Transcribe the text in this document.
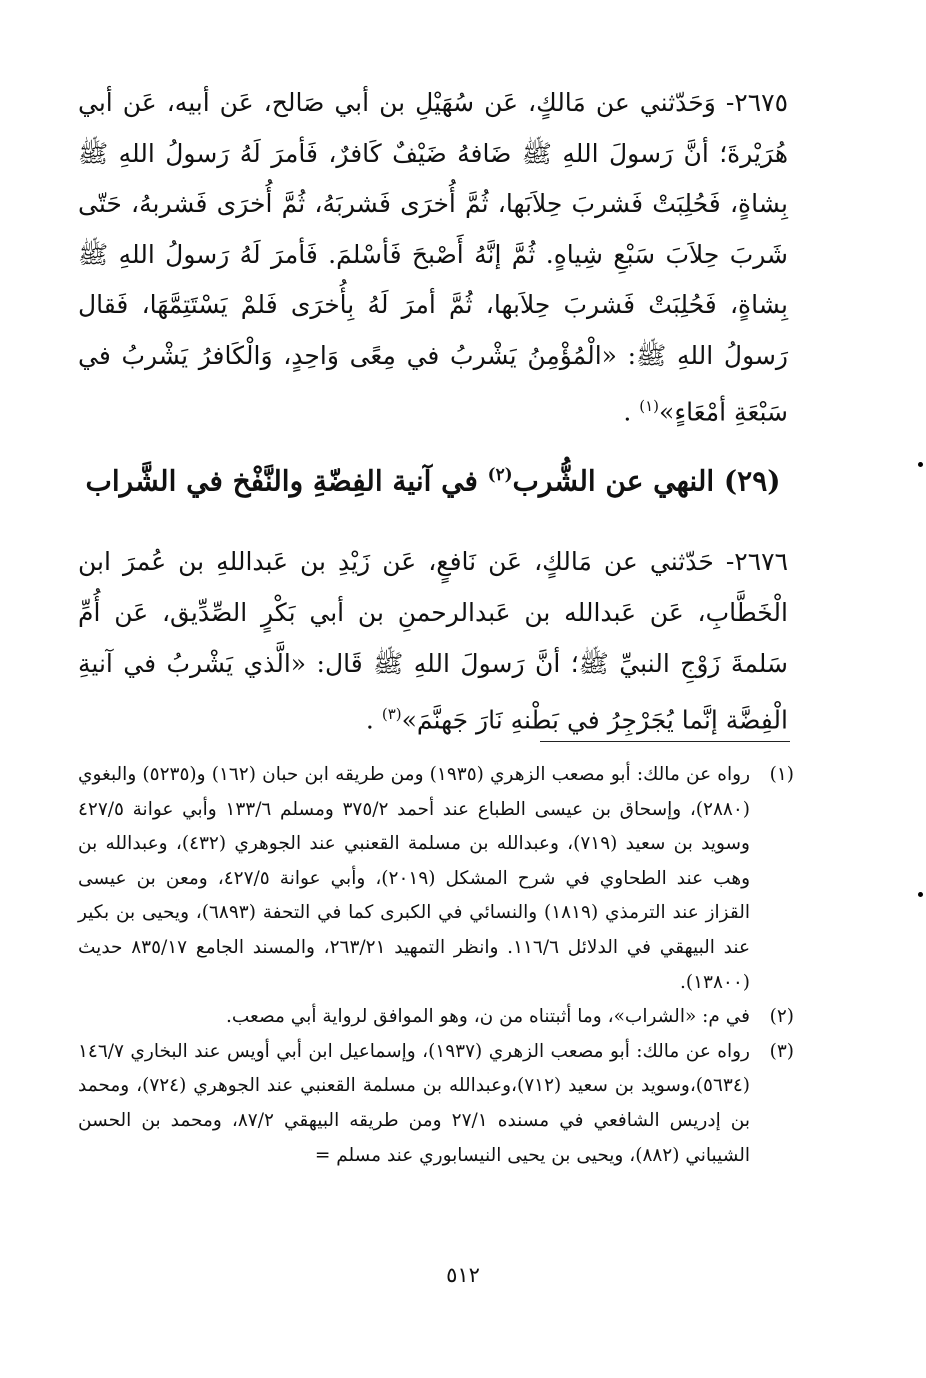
٢٦٧٥- وَحَدّثني عن مَالكٍ، عَن سُهَيْلِ بن أبي صَالح، عَن أبيه، عَن أبي هُرَيْرةَ؛ أنَّ رَسولَ اللهِ ﷺ ضَافهُ ضَيْفٌ كَافرٌ، فَأمرَ لَهُ رَسولُ اللهِ ﷺ بِشاةٍ، فَحُلِبَتْ فَشربَ حِلاَبَها، ثُمَّ أُخرَى فَشربَهُ، ثُمَّ أُخرَى فَشربهُ، حَتّى شَربَ حِلاَبَ سَبْعِ شِياهٍ. ثُمَّ إنَّهُ أَصْبحَ فَأسْلمَ. فَأمرَ لَهُ رَسولُ اللهِ ﷺ بِشاةٍ، فَحُلِبَتْ فَشربَ حِلاَبها، ثُمَّ أمرَ لَهُ بِأُخرَى فَلمْ يَسْتَتِمَّهَا، فَقال رَسولُ اللهِ ﷺ: «الْمُؤْمِنُ يَشْربُ في مِعًى وَاحِدٍ، وَالْكَافرُ يَشْربُ في سَبْعَةِ أمْعَاءٍ»$^{(١)}$ .

(٢٩) النهي عن الشُّرب$^{(٢)}$ في آنية الفِضّةِ والنَّفْخ في الشَّراب

٢٦٧٦- حَدّثني عن مَالكٍ، عَن نَافعٍ، عَن زَيْدِ بن عَبداللهِ بن عُمرَ ابن الْخَطَّابِ، عَن عَبدالله بن عَبدالرحمنِ بن أبي بَكْرٍ الصِّدِّيق، عَن أُمِّ سَلمةَ زَوْجِ النبيِّ ﷺ؛ أنَّ رَسولَ اللهِ ﷺ قَال: «الَّذي يَشْربُ في آنيةِ الْفِضَّة إنَّما يُجَرْجِرُ في بَطْنهِ نَارَ جَهنَّمَ»$^{(٣)}$ .

(١)
رواه عن مالك: أبو مصعب الزهري (١٩٣٥) ومن طريقه ابن حبان (١٦٢) و(٥٢٣٥) والبغوي (٢٨٨٠)، وإسحاق بن عيسى الطباع عند أحمد ٣٧٥/٢ ومسلم ١٣٣/٦ وأبي عوانة ٤٢٧/٥ وسويد بن سعيد (٧١٩)، وعبدالله بن مسلمة القعنبي عند الجوهري (٤٣٢)، وعبدالله بن وهب عند الطحاوي في شرح المشكل (٢٠١٩)، وأبي عوانة ٤٢٧/٥، ومعن بن عيسى القزاز عند الترمذي (١٨١٩) والنسائي في الكبرى كما في التحفة (٦٨٩٣)، ويحيى بن بكير عند البيهقي في الدلائل ١١٦/٦. وانظر التمهيد ٢٦٣/٢١، والمسند الجامع ٨٣٥/١٧ حديث (١٣٨٠٠).
(٢)
في م: «الشراب»، وما أثبتناه من ن، وهو الموافق لرواية أبي مصعب.
(٣)
رواه عن مالك: أبو مصعب الزهري (١٩٣٧)، وإسماعيل ابن أبي أويس عند البخاري ١٤٦/٧ (٥٦٣٤)،وسويد بن سعيد (٧١٢)،وعبدالله بن مسلمة القعنبي عند الجوهري (٧٢٤)، ومحمد بن إدريس الشافعي في مسنده ٢٧/١ ومن طريقه البيهقي ٨٧/٢، ومحمد بن الحسن الشيباني (٨٨٢)، ويحيى بن يحيى النيسابوري عند مسلم =
٥١٢
